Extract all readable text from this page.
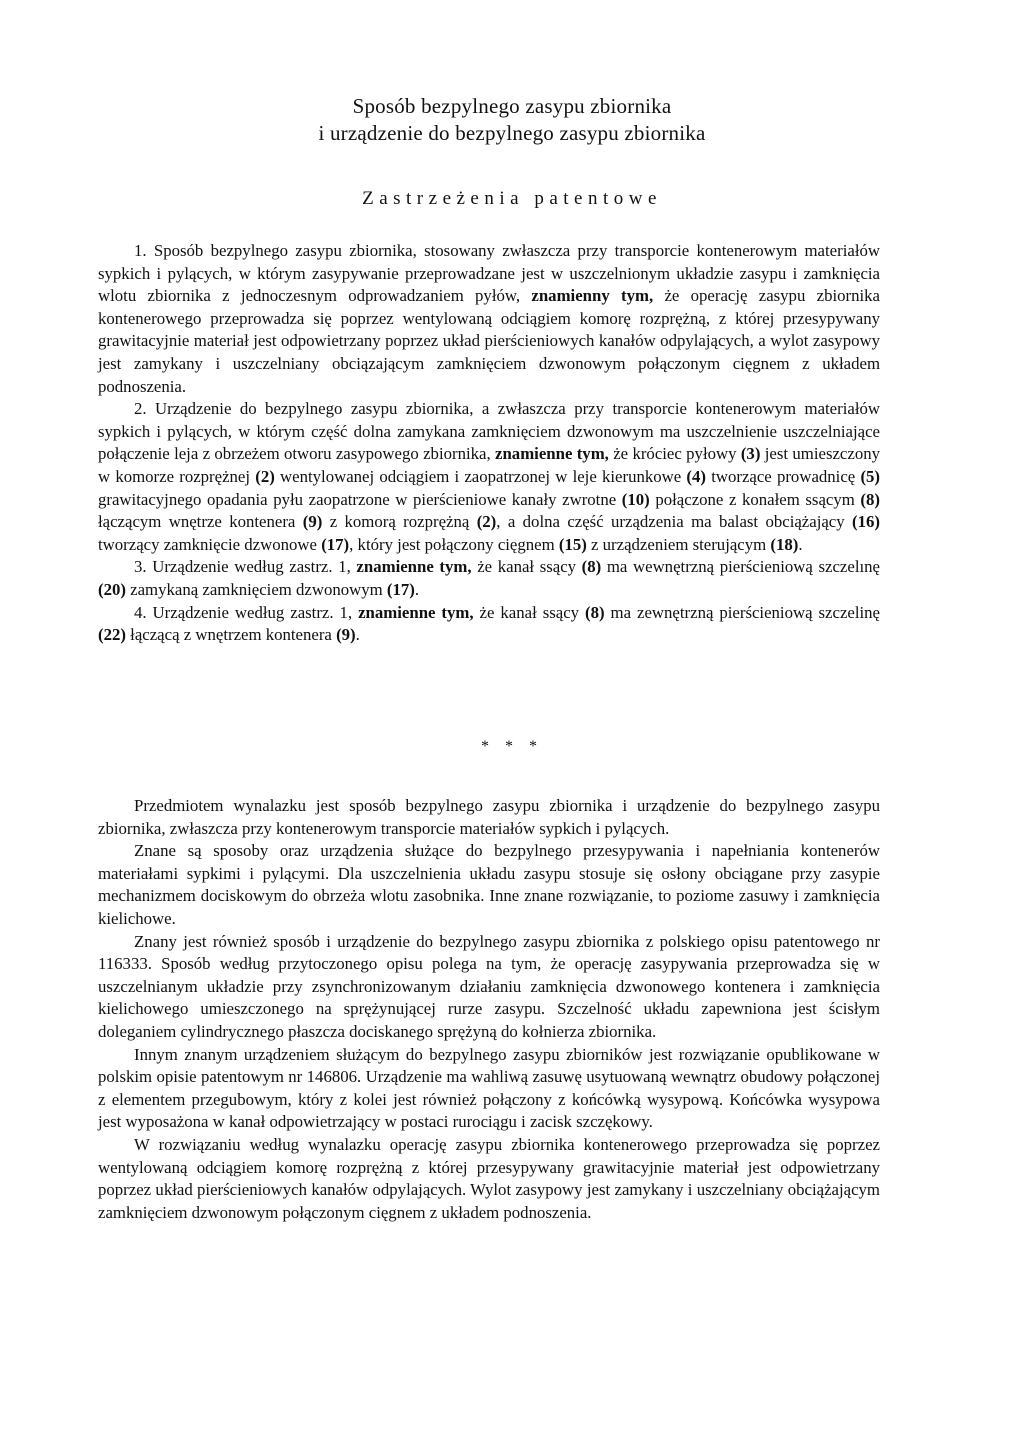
Sposób bezpylnego zasypu zbiornika
i urządzenie do bezpylnego zasypu zbiornika
Zastrzeżenia patentowe

1. Sposób bezpylnego zasypu zbiornika, stosowany zwłaszcza przy transporcie kontenerowym materiałów sypkich i pylących, w którym zasypywanie przeprowadzane jest w uszczelnionym układzie zasypu i zamknięcia wlotu zbiornika z jednoczesnym odprowadzaniem pyłów, znamienny tym, że operację zasypu zbiornika kontenerowego przeprowadza się poprzez wentylowaną odciągiem komorę rozprężną, z której przesypywany grawitacyjnie materiał jest odpowietrzany poprzez układ pierścieniowych kanałów odpylających, a wylot zasypowy jest zamykany i uszczelniany obciązającym zamknięciem dzwonowym połączonym cięgnem z układem podnoszenia.

2. Urządzenie do bezpylnego zasypu zbiornika, a zwłaszcza przy transporcie kontenerowym materiałów sypkich i pylących, w którym część dolna zamykana zamknięciem dzwonowym ma uszczelnienie uszczelniające połączenie leja z obrzeżem otworu zasypowego zbiornika, znamienne tym, że króciec pyłowy (3) jest umieszczony w komorze rozprężnej (2) wentylowanej odciągiem i zaopatrzonej w leje kierunkowe (4) tworzące prowadnicę (5) grawitacyjnego opadania pyłu zaopatrzone w pierścieniowe kanały zwrotne (10) połączone z konałem ssącym (8) łączącym wnętrze kontenera (9) z komorą rozprężną (2), a dolna część urządzenia ma balast obciążający (16) tworzący zamknięcie dzwonowe (17), który jest połączony cięgnem (15) z urządzeniem sterującym (18).

3. Urządzenie według zastrz. 1, znamienne tym, że kanał ssący (8) ma wewnętrzną pierścieniową szczelınę (20) zamykaną zamknięciem dzwonowym (17).

4. Urządzenie według zastrz. 1, znamienne tym, że kanał ssący (8) ma zewnętrzną pierścieniową szczelinę (22) łączącą z wnętrzem kontenera (9).

* * *

Przedmiotem wynalazku jest sposób bezpylnego zasypu zbiornika i urządzenie do bezpylnego zasypu zbiornika, zwłaszcza przy kontenerowym transporcie materiałów sypkich i pylących.

Znane są sposoby oraz urządzenia służące do bezpylnego przesypywania i napełniania kontenerów materiałami sypkimi i pylącymi. Dla uszczelnienia układu zasypu stosuje się osłony obciągane przy zasypie mechanizmem dociskowym do obrzeża wlotu zasobnika. Inne znane rozwiązanie, to poziome zasuwy i zamknięcia kielichowe.

Znany jest również sposób i urządzenie do bezpylnego zasypu zbiornika z polskiego opisu patentowego nr 116333. Sposób według przytoczonego opisu polega na tym, że operację zasypywania przeprowadza się w uszczelnianym układzie przy zsynchronizowanym działaniu zamknięcia dzwonowego kontenera i zamknięcia kielichowego umieszczonego na sprężynującej rurze zasypu. Szczelność układu zapewniona jest ścisłym doleganiem cylindrycznego płaszcza dociskanego sprężyną do kołnierza zbiornika.

Innym znanym urządzeniem służącym do bezpylnego zasypu zbiorników jest rozwiązanie opublikowane w polskim opisie patentowym nr 146806. Urządzenie ma wahliwą zasuwę usytuowaną wewnątrz obudowy połączonej z elementem przegubowym, który z kolei jest również połączony z końcówką wysypową. Końcówka wysypowa jest wyposażona w kanał odpowietrzający w postaci rurociągu i zacisk szczękowy.

W rozwiązaniu według wynalazku operację zasypu zbiornika kontenerowego przeprowadza się poprzez wentylowaną odciągiem komorę rozprężną z której przesypywany grawitacyjnie materiał jest odpowietrzany poprzez układ pierścieniowych kanałów odpylających. Wylot zasypowy jest zamykany i uszczelniany obciążającym zamknięciem dzwonowym połączonym cięgnem z układem podnoszenia.
